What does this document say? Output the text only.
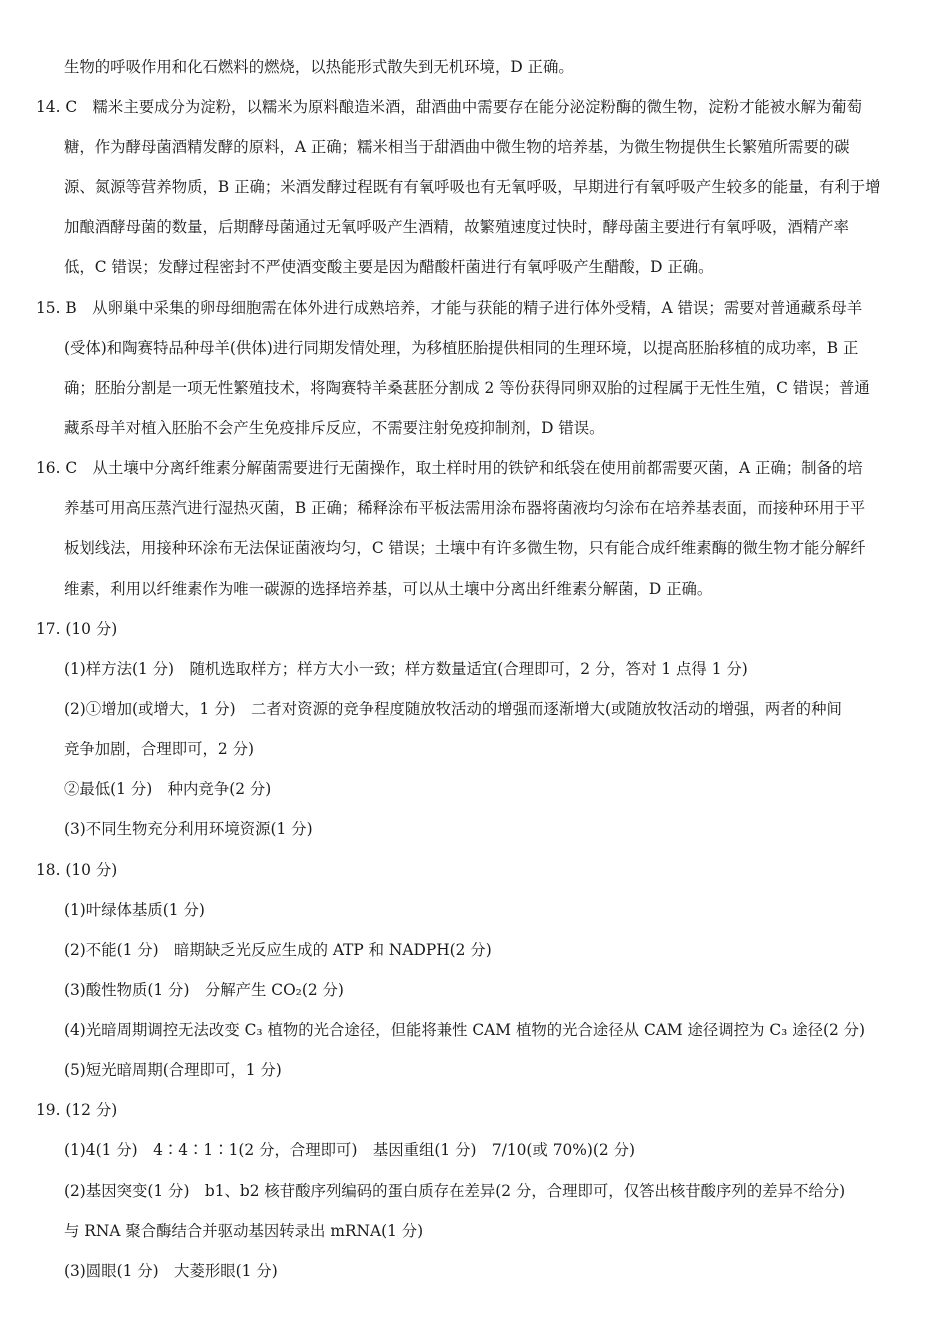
生物的呼吸作用和化石燃料的燃烧，以热能形式散失到无机环境，D 正确。
14. C　糯米主要成分为淀粉，以糯米为原料酿造米酒，甜酒曲中需要存在能分泌淀粉酶的微生物，淀粉才能被水解为葡萄
糖，作为酵母菌酒精发酵的原料，A 正确；糯米相当于甜酒曲中微生物的培养基，为微生物提供生长繁殖所需要的碳
源、氮源等营养物质，B 正确；米酒发酵过程既有有氧呼吸也有无氧呼吸，早期进行有氧呼吸产生较多的能量，有利于增
加酿酒酵母菌的数量，后期酵母菌通过无氧呼吸产生酒精，故繁殖速度过快时，酵母菌主要进行有氧呼吸，酒精产率
低，C 错误；发酵过程密封不严使酒变酸主要是因为醋酸杆菌进行有氧呼吸产生醋酸，D 正确。
15. B　从卵巢中采集的卵母细胞需在体外进行成熟培养，才能与获能的精子进行体外受精，A 错误；需要对普通藏系母羊
(受体)和陶赛特品种母羊(供体)进行同期发情处理，为移植胚胎提供相同的生理环境，以提高胚胎移植的成功率，B 正
确；胚胎分割是一项无性繁殖技术，将陶赛特羊桑葚胚分割成 2 等份获得同卵双胎的过程属于无性生殖，C 错误；普通
藏系母羊对植入胚胎不会产生免疫排斥反应，不需要注射免疫抑制剂，D 错误。
16. C　从土壤中分离纤维素分解菌需要进行无菌操作，取土样时用的铁铲和纸袋在使用前都需要灭菌，A 正确；制备的培
养基可用高压蒸汽进行湿热灭菌，B 正确；稀释涂布平板法需用涂布器将菌液均匀涂布在培养基表面，而接种环用于平
板划线法，用接种环涂布无法保证菌液均匀，C 错误；土壤中有许多微生物，只有能合成纤维素酶的微生物才能分解纤
维素，利用以纤维素作为唯一碳源的选择培养基，可以从土壤中分离出纤维素分解菌，D 正确。
17. (10 分)
(1)样方法(1 分)　随机选取样方；样方大小一致；样方数量适宜(合理即可，2 分，答对 1 点得 1 分)
(2)①增加(或增大，1 分)　二者对资源的竞争程度随放牧活动的增强而逐渐增大(或随放牧活动的增强，两者的种间
竞争加剧，合理即可，2 分)
②最低(1 分)　种内竞争(2 分)
(3)不同生物充分利用环境资源(1 分)
18. (10 分)
(1)叶绿体基质(1 分)
(2)不能(1 分)　暗期缺乏光反应生成的 ATP 和 NADPH(2 分)
(3)酸性物质(1 分)　分解产生 CO₂(2 分)
(4)光暗周期调控无法改变 C₃ 植物的光合途径，但能将兼性 CAM 植物的光合途径从 CAM 途径调控为 C₃ 途径(2 分)
(5)短光暗周期(合理即可，1 分)
19. (12 分)
(1)4(1 分)　4∶4∶1∶1(2 分，合理即可)　基因重组(1 分)　7/10(或 70%)(2 分)
(2)基因突变(1 分)　b1、b2 核苷酸序列编码的蛋白质存在差异(2 分，合理即可，仅答出核苷酸序列的差异不给分)
与 RNA 聚合酶结合并驱动基因转录出 mRNA(1 分)
(3)圆眼(1 分)　大菱形眼(1 分)
